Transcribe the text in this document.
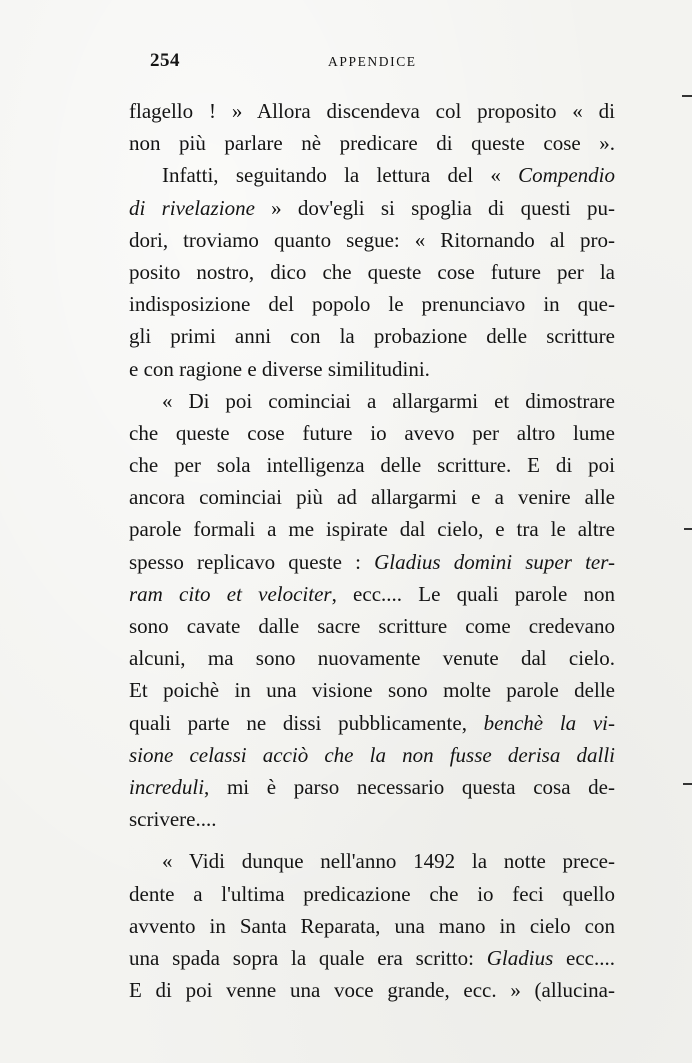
254	APPENDICE
flagello ! » Allora discendeva col proposito « di
non più parlare nè predicare di queste cose ».
Infatti, seguitando la lettura del « Compendio
di rivelazione » dov'egli si spoglia di questi pu-
dori, troviamo quanto segue: « Ritornando al pro-
posito nostro, dico che queste cose future per la
indisposizione del popolo le prenunciavo in que-
gli primi anni con la probazione delle scritture
e con ragione e diverse similitudini.
« Di poi cominciai a allargarmi et dimostrare
che queste cose future io avevo per altro lume
che per sola intelligenza delle scritture. E di poi
ancora cominciai più ad allargarmi e a venire alle
parole formali a me ispirate dal cielo, e tra le altre
spesso replicavo queste : Gladius domini super ter-
ram cito et velociter, ecc.... Le quali parole non
sono cavate dalle sacre scritture come credevano
alcuni, ma sono nuovamente venute dal cielo.
Et poichè in una visione sono molte parole delle
quali parte ne dissi pubblicamente, benchè la vi-
sione celassi acciò che la non fusse derisa dalli
increduli, mi è parso necessario questa cosa de-
scrivere....
« Vidi dunque nell'anno 1492 la notte prece-
dente a l'ultima predicazione che io feci quello
avvento in Santa Reparata, una mano in cielo con
una spada sopra la quale era scritto: Gladius ecc....
E di poi venne una voce grande, ecc. » (allucina-
